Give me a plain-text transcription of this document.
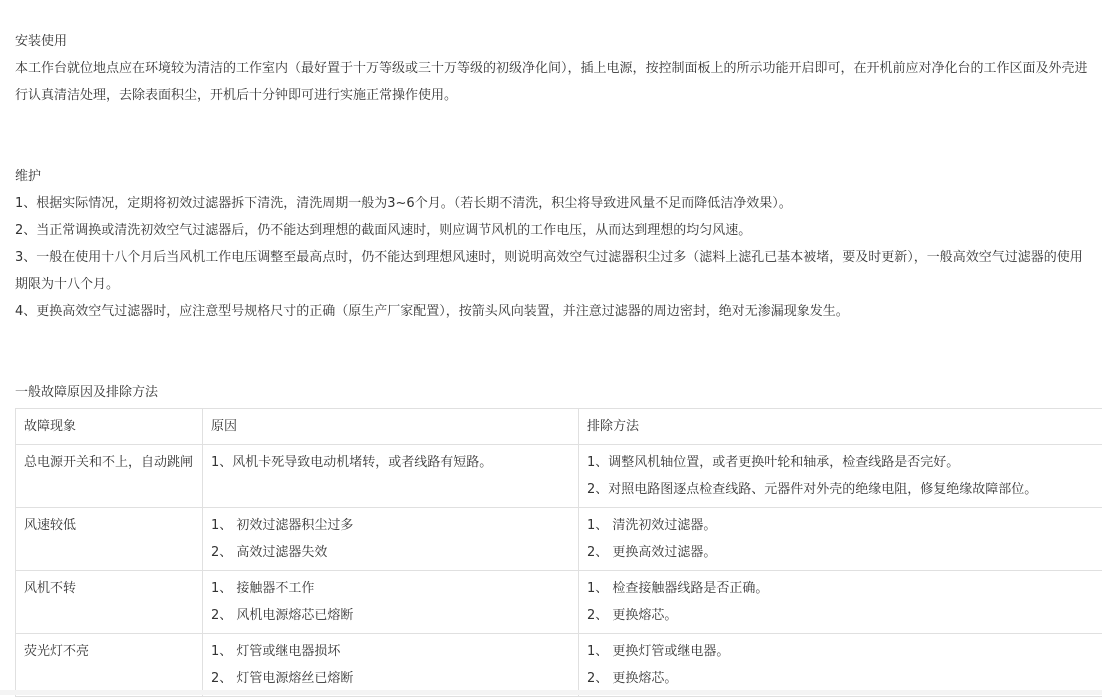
安装使用
本工作台就位地点应在环境较为清洁的工作室内（最好置于十万等级或三十万等级的初级净化间），插上电源，按控制面板上的所示功能开启即可，在开机前应对净化台的工作区面及外壳进行认真清洁处理，去除表面积尘，开机后十分钟即可进行实施正常操作使用。
维护
1、根据实际情况，定期将初效过滤器拆下清洗，清洗周期一般为3~6个月。（若长期不清洗，积尘将导致进风量不足而降低洁净效果）。
2、当正常调换或清洗初效空气过滤器后，仍不能达到理想的截面风速时，则应调节风机的工作电压，从而达到理想的均匀风速。
3、一般在使用十八个月后当风机工作电压调整至最高点时，仍不能达到理想风速时，则说明高效空气过滤器积尘过多（滤料上滤孔已基本被堵，要及时更新），一般高效空气过滤器的使用期限为十八个月。
4、更换高效空气过滤器时，应注意型号规格尺寸的正确（原生产厂家配置），按箭头风向装置，并注意过滤器的周边密封，绝对无渗漏现象发生。
一般故障原因及排除方法
故障现象	原因	排除方法
总电源开关和不上，自动跳闸	1、风机卡死导致电动机堵转，或者线路有短路。	1、调整风机轴位置，或者更换叶轮和轴承，检查线路是否完好。
2、对照电路图逐点检查线路、元器件对外壳的绝缘电阻，修复绝缘故障部位。

风速较低	1、 初效过滤器积尘过多
2、 高效过滤器失效	1、 清洗初效过滤器。
2、 更换高效过滤器。

风机不转	1、 接触器不工作
2、 风机电源熔芯已熔断	1、 检查接触器线路是否正确。
2、 更换熔芯。

荧光灯不亮	1、 灯管或继电器损坏
2、 灯管电源熔丝已熔断	1、 更换灯管或继电器。
2、 更换熔芯。
